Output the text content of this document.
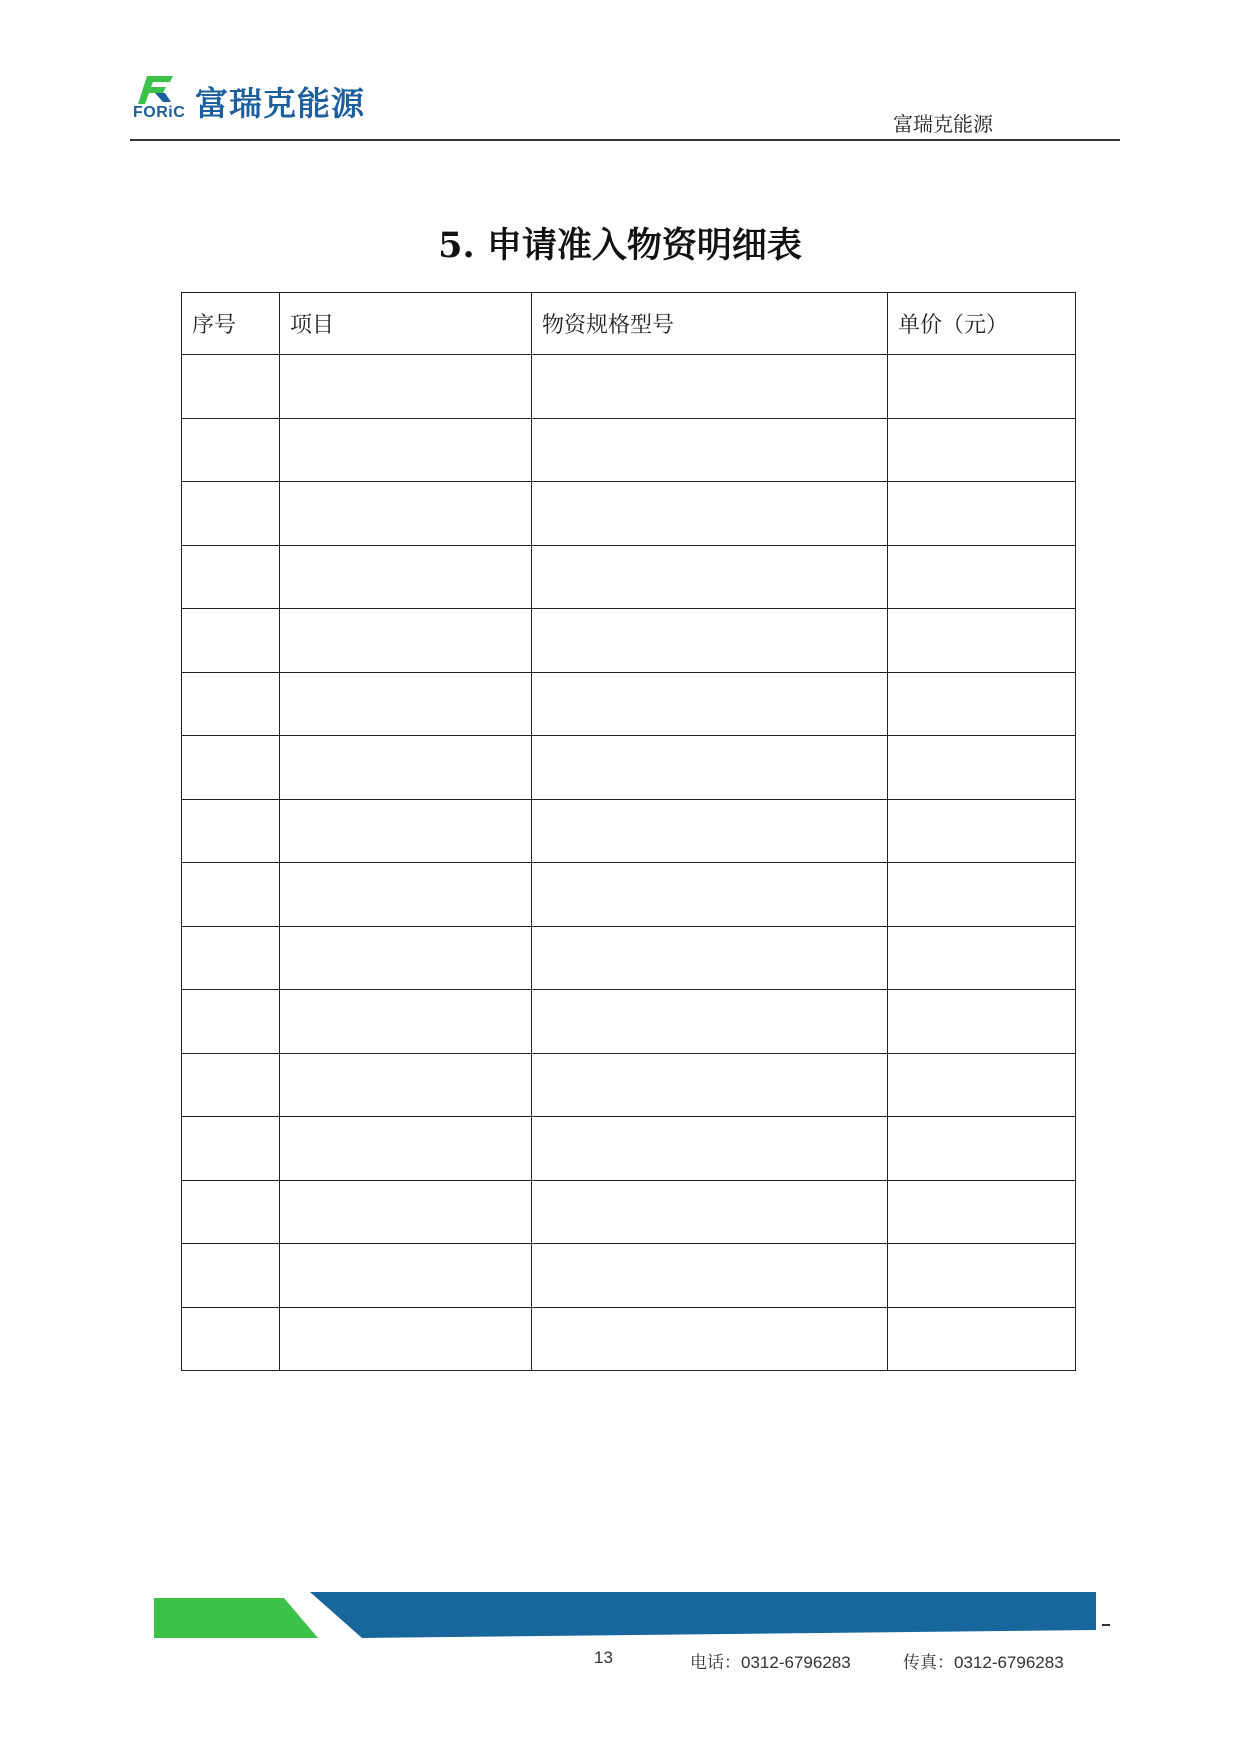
FORiC 富瑞克能源
富瑞克能源
5. 申请准入物资明细表
序号	项目	物资规格型号	单价（元）

13	电话：0312-6796283	传真：0312-6796283
